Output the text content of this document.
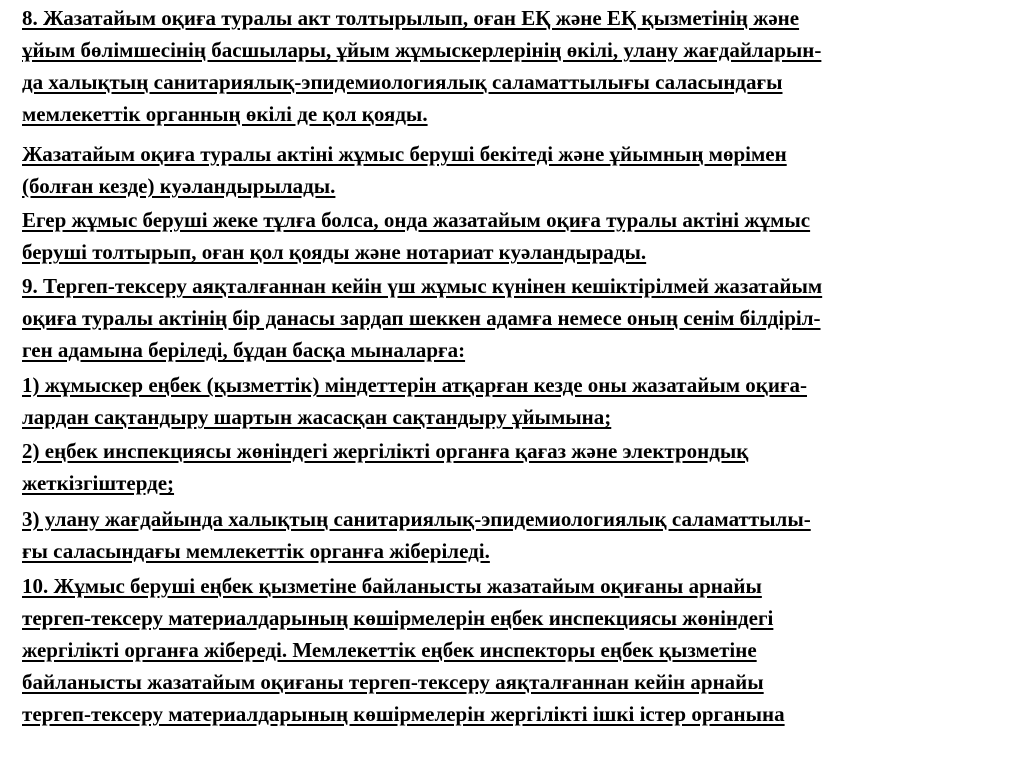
8. Жазатайым оқиға туралы акт толтырылып, оған ЕҚ және ЕҚ қызметінің және
ұйым бөлімшесінің басшылары, ұйым жұмыскерлерінің өкілі, улану жағдайларын-
да халықтың санитариялық-эпидемиологиялық саламаттылығы саласындағы
мемлекеттік органның өкілі де қол қояды.
Жазатайым оқиға туралы актіні жұмыс беруші бекітеді және ұйымның мөрімен
(болған кезде) куәландырылады.
Егер жұмыс беруші жеке тұлға болса, онда жазатайым оқиға туралы актіні жұмыс
беруші толтырып, оған қол қояды және нотариат куәландырады.
9. Тергеп-тексеру аяқталғаннан кейін үш жұмыс күнінен кешіктірілмей жазатайым
оқиға туралы актінің бір данасы зардап шеккен адамға немесе оның сенім білдіріл-
ген адамына беріледі, бұдан басқа мыналарға:
1) жұмыскер еңбек (қызметтік) міндеттерін атқарған кезде оны жазатайым оқиға-
лардан сақтандыру шартын жасасқан сақтандыру ұйымына;
2) еңбек инспекциясы жөніндегі жергілікті органға қағаз және электрондық
жеткізгіштерде;
3) улану жағдайында халықтың санитариялық-эпидемиологиялық саламаттылы-
ғы саласындағы мемлекеттік органға жіберіледі.
10. Жұмыс беруші еңбек қызметіне байланысты жазатайым оқиғаны арнайы
тергеп-тексеру материалдарының көшірмелерін еңбек инспекциясы жөніндегі
жергілікті органға жібереді. Мемлекеттік еңбек инспекторы еңбек қызметіне
байланысты жазатайым оқиғаны тергеп-тексеру аяқталғаннан кейін арнайы
тергеп-тексеру материалдарының көшірмелерін жергілікті ішкі істер органына
